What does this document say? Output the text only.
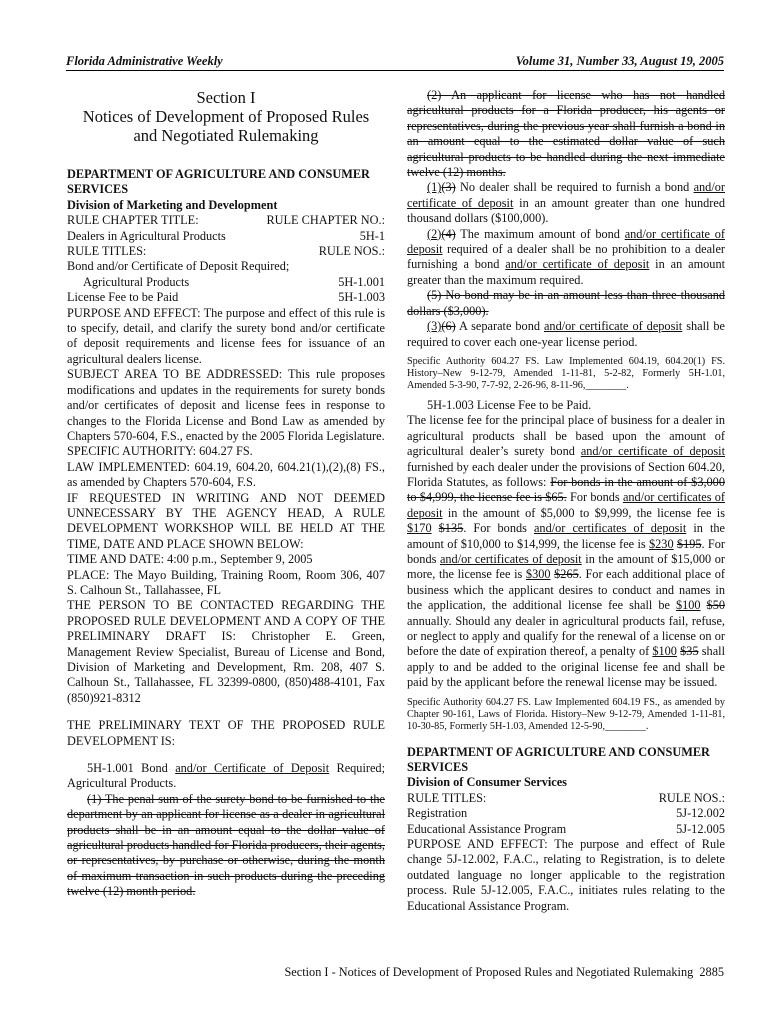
Florida Administrative Weekly	Volume 31, Number 33, August 19, 2005
Section I
Notices of Development of Proposed Rules
and Negotiated Rulemaking

DEPARTMENT OF AGRICULTURE AND CONSUMER SERVICES

Division of Marketing and Development

RULE CHAPTER TITLE:	RULE CHAPTER NO.:
Dealers in Agricultural Products	5H-1
RULE TITLES:	RULE NOS.:

Bond and/or Certificate of Deposit Required;

Agricultural Products	5H-1.001
License Fee to be Paid	5H-1.003

PURPOSE AND EFFECT: The purpose and effect of this rule is to specify, detail, and clarify the surety bond and/or certificate of deposit requirements and license fees for issuance of an agricultural dealers license.

SUBJECT AREA TO BE ADDRESSED: This rule proposes modifications and updates in the requirements for surety bonds and/or certificates of deposit and license fees in response to changes to the Florida License and Bond Law as amended by Chapters 570-604, F.S., enacted by the 2005 Florida Legislature.

SPECIFIC AUTHORITY: 604.27 FS.

LAW IMPLEMENTED: 604.19, 604.20, 604.21(1),(2),(8) FS., as amended by Chapters 570-604, F.S.

IF REQUESTED IN WRITING AND NOT DEEMED UNNECESSARY BY THE AGENCY HEAD, A RULE DEVELOPMENT WORKSHOP WILL BE HELD AT THE TIME, DATE AND PLACE SHOWN BELOW:

TIME AND DATE: 4:00 p.m., September 9, 2005

PLACE: The Mayo Building, Training Room, Room 306, 407 S. Calhoun St., Tallahassee, FL

THE PERSON TO BE CONTACTED REGARDING THE PROPOSED RULE DEVELOPMENT AND A COPY OF THE PRELIMINARY DRAFT IS: Christopher E. Green, Management Review Specialist, Bureau of License and Bond, Division of Marketing and Development, Rm. 208, 407 S. Calhoun St., Tallahassee, FL 32399-0800, (850)488-4101, Fax (850)921-8312

THE PRELIMINARY TEXT OF THE PROPOSED RULE DEVELOPMENT IS:

5H-1.001 Bond and/or Certificate of Deposit Required; Agricultural Products.

(1) The penal sum of the surety bond to be furnished to the department by an applicant for license as a dealer in agricultural products shall be in an amount equal to the dollar value of agricultural products handled for Florida producers, their agents, or representatives, by purchase or otherwise, during the month of maximum transaction in such products during the preceding twelve (12) month period.

(2) An applicant for license who has not handled agricultural products for a Florida producer, his agents or representatives, during the previous year shall furnish a bond in an amount equal to the estimated dollar value of such agricultural products to be handled during the next immediate twelve (12) months.

(1)(3) No dealer shall be required to furnish a bond and/or certificate of deposit in an amount greater than one hundred thousand dollars ($100,000).

(2)(4) The maximum amount of bond and/or certificate of deposit required of a dealer shall be no prohibition to a dealer furnishing a bond and/or certificate of deposit in an amount greater than the maximum required.

(5) No bond may be in an amount less than three thousand dollars ($3,000).

(3)(6) A separate bond and/or certificate of deposit shall be required to cover each one-year license period.

Specific Authority 604.27 FS. Law Implemented 604.19, 604.20(1) FS. History–New 9-12-79, Amended 1-11-81, 5-2-82, Formerly 5H-1.01, Amended 5-3-90, 7-7-92, 2-26-96, 8-11-96,________.

5H-1.003 License Fee to be Paid.

The license fee for the principal place of business for a dealer in agricultural products shall be based upon the amount of agricultural dealer’s surety bond and/or certificate of deposit furnished by each dealer under the provisions of Section 604.20, Florida Statutes, as follows: For bonds in the amount of $3,000 to $4,999, the license fee is $65. For bonds and/or certificates of deposit in the amount of $5,000 to $9,999, the license fee is $170 $135. For bonds and/or certificates of deposit in the amount of $10,000 to $14,999, the license fee is $230 $195. For bonds and/or certificates of deposit in the amount of $15,000 or more, the license fee is $300 $265. For each additional place of business which the applicant desires to conduct and names in the application, the additional license fee shall be $100 $50 annually. Should any dealer in agricultural products fail, refuse, or neglect to apply and qualify for the renewal of a license on or before the date of expiration thereof, a penalty of $100 $35 shall apply to and be added to the original license fee and shall be paid by the applicant before the renewal license may be issued.

Specific Authority 604.27 FS. Law Implemented 604.19 FS., as amended by Chapter 90-161, Laws of Florida. History–New 9-12-79, Amended 1-11-81, 10-30-85, Formerly 5H-1.03, Amended 12-5-90,________.

DEPARTMENT OF AGRICULTURE AND CONSUMER SERVICES

Division of Consumer Services

RULE TITLES:	RULE NOS.:
Registration	5J-12.002
Educational Assistance Program	5J-12.005

PURPOSE AND EFFECT: The purpose and effect of Rule change 5J-12.002, F.A.C., relating to Registration, is to delete outdated language no longer applicable to the registration process. Rule 5J-12.005, F.A.C., initiates rules relating to the Educational Assistance Program.

Section I - Notices of Development of Proposed Rules and Negotiated Rulemaking 2885
